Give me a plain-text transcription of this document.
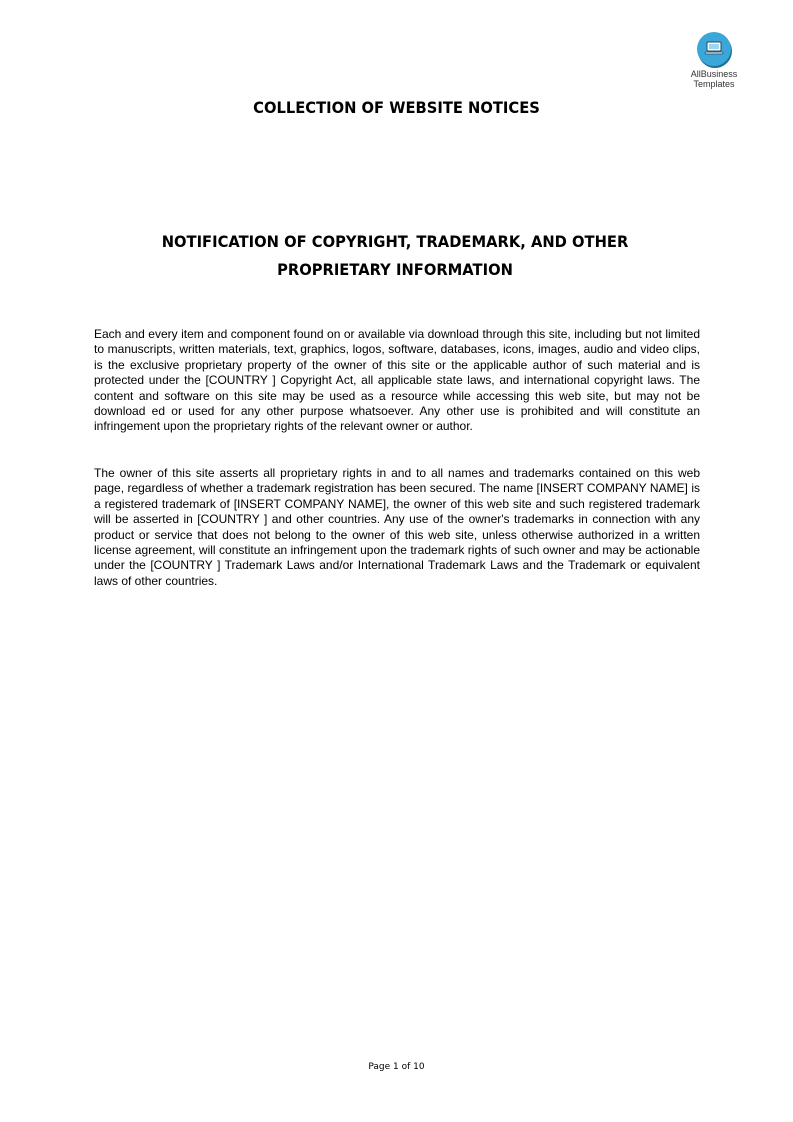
AllBusiness
Templates
COLLECTION OF WEBSITE NOTICES
NOTIFICATION OF COPYRIGHT, TRADEMARK, AND OTHER PROPRIETARY INFORMATION

Each and every item and component found on or available via download through this site, including but not limited to manuscripts, written materials, text, graphics, logos, software, databases, icons, images, audio and video clips, is the exclusive proprietary property of the owner of this site or the applicable author of such material and is protected under the [COUNTRY ] Copyright Act, all applicable state laws, and international copyright laws. The content and software on this site may be used as a resource while accessing this web site, but may not be download ed or used for any other purpose whatsoever. Any other use is prohibited and will constitute an infringement upon the proprietary rights of the relevant owner or author.

The owner of this site asserts all proprietary rights in and to all names and trademarks contained on this web page, regardless of whether a trademark registration has been secured. The name [INSERT COMPANY NAME] is a registered trademark of [INSERT COMPANY NAME], the owner of this web site and such registered trademark will be asserted in [COUNTRY ] and other countries. Any use of the owner's trademarks in connection with any product or service that does not belong to the owner of this web site, unless otherwise authorized in a written license agreement, will constitute an infringement upon the trademark rights of such owner and may be actionable under the [COUNTRY ] Trademark Laws and/or International Trademark Laws and the Trademark or equivalent laws of other countries.

Page 1 of 10
